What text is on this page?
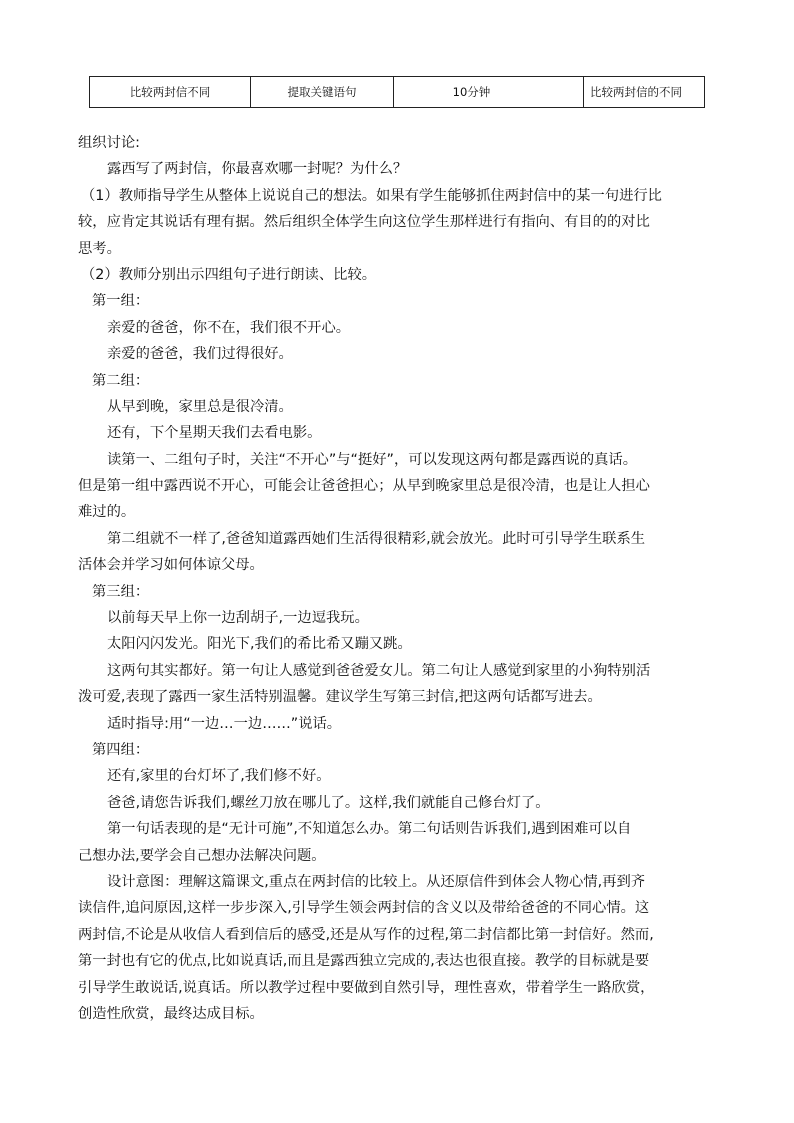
比较两封信不同	提取关键语句	10分钟	比较两封信的不同
组织讨论:
露西写了两封信，你最喜欢哪一封呢？为什么？
（1）教师指导学生从整体上说说自己的想法。如果有学生能够抓住两封信中的某一句进行比
较，应肯定其说话有理有据。然后组织全体学生向这位学生那样进行有指向、有目的的对比
思考。
（2）教师分别出示四组句子进行朗读、比较。
第一组：
亲爱的爸爸，你不在，我们很不开心。
亲爱的爸爸，我们过得很好。
第二组：
从早到晚，家里总是很冷清。
还有，下个星期天我们去看电影。
读第一、二组句子时，关注“不开心”与“挺好”，可以发现这两句都是露西说的真话。
但是第一组中露西说不开心，可能会让爸爸担心；从早到晚家里总是很冷清，也是让人担心
难过的。
第二组就不一样了,爸爸知道露西她们生活得很精彩,就会放光。此时可引导学生联系生
活体会并学习如何体谅父母。
第三组：
以前每天早上你一边刮胡子,一边逗我玩。
太阳闪闪发光。阳光下,我们的希比希又蹦又跳。
这两句其实都好。第一句让人感觉到爸爸爱女儿。第二句让人感觉到家里的小狗特别活
泼可爱,表现了露西一家生活特别温馨。建议学生写第三封信,把这两句话都写进去。
适时指导:用“一边…一边……”说话。
第四组：
还有,家里的台灯坏了,我们修不好。
爸爸,请您告诉我们,螺丝刀放在哪儿了。这样,我们就能自己修台灯了。
第一句话表现的是“无计可施”,不知道怎么办。第二句话则告诉我们,遇到困难可以自
己想办法,要学会自己想办法解决问题。
设计意图：理解这篇课文,重点在两封信的比较上。从还原信件到体会人物心情,再到齐
读信件,追问原因,这样一步步深入,引导学生领会两封信的含义以及带给爸爸的不同心情。这
两封信,不论是从收信人看到信后的感受,还是从写作的过程,第二封信都比第一封信好。然而,
第一封也有它的优点,比如说真话,而且是露西独立完成的,表达也很直接。教学的目标就是要
引导学生敢说话,说真话。所以教学过程中要做到自然引导，理性喜欢，带着学生一路欣赏，
创造性欣赏，最终达成目标。
